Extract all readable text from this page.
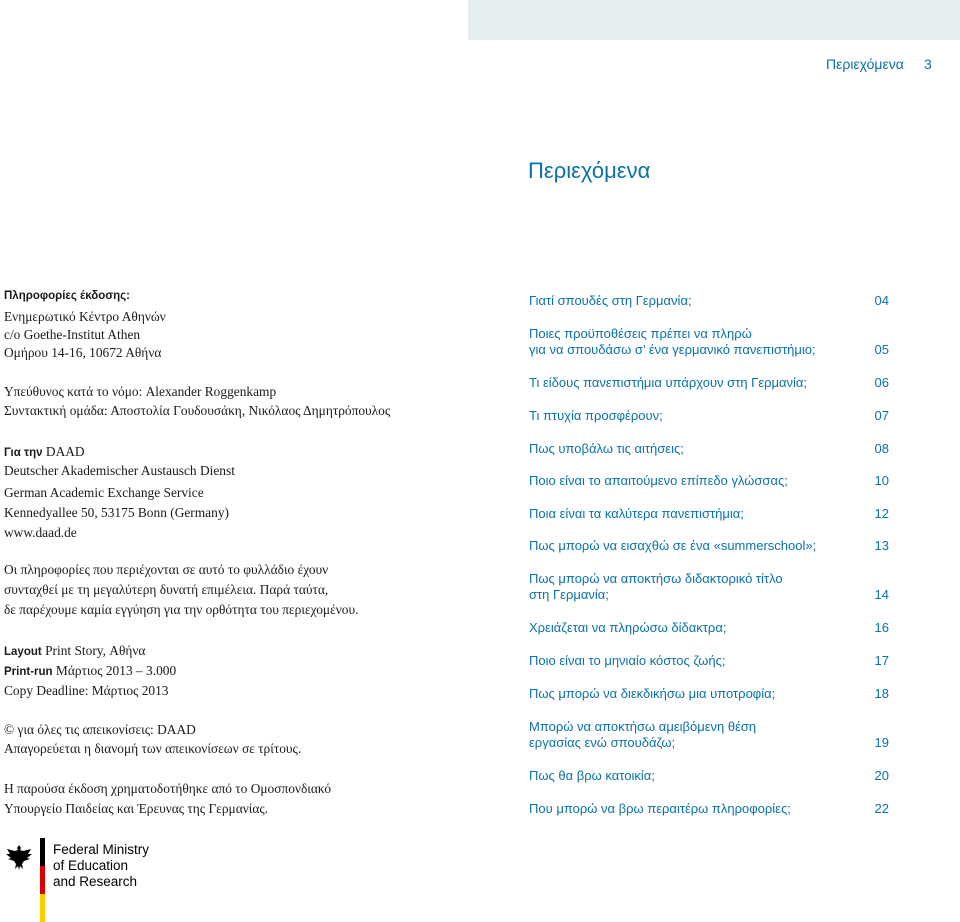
Περιεχόμενα 3
Περιεχόμενα
Πληροφορίες έκδοσης:
Ενημερωτικό Κέντρο Αθηνών
c/o Goethe-Institut Athen
Ομήρου 14-16, 10672 Αθήνα
Υπεύθυνος κατά το νόμο: Alexander Roggenkamp
Συντακτική ομάδα: Αποστολία Γουδουσάκη, Νικόλαος Δημητρόπουλος
Για την DAAD
Deutscher Akademischer Austausch Dienst
German Academic Exchange Service
Kennedyallee 50, 53175 Bonn (Germany)
www.daad.de
Οι πληροφορίες που περιέχονται σε αυτό το φυλλάδιο έχουν
συνταχθεί με τη μεγαλύτερη δυνατή επιμέλεια. Παρά ταύτα,
δε παρέχουμε καμία εγγύηση για την ορθότητα του περιεχομένου.
Layout Print Story, Αθήνα
Print-run Μάρτιος 2013 – 3.000
Copy Deadline: Μάρτιος 2013
© για όλες τις απεικονίσεις: DAAD
Απαγορεύεται η διανομή των απεικονίσεων σε τρίτους.
Η παρούσα έκδοση χρηματοδοτήθηκε από το Ομοσπονδιακό
Υπουργείο Παιδείας και Έρευνας της Γερμανίας.
Γιατί σπουδές στη Γερμανία;	04
Ποιες προϋποθέσεις πρέπει να πληρώ
για να σπουδάσω σ’ ένα γερμανικό πανεπιστήμιο;	05
Τι είδους πανεπιστήμια υπάρχουν στη Γερμανία;	06
Τι πτυχία προσφέρουν;	07
Πως υποβάλω τις αιτήσεις;	08
Ποιο είναι το απαιτούμενο επίπεδο γλώσσας;	10
Ποια είναι τα καλύτερα πανεπιστήμια;	12
Πως μπορώ να εισαχθώ σε ένα «summerschool»;	13
Πως μπορώ να αποκτήσω διδακτορικό τίτλο
στη Γερμανία;	14
Χρειάζεται να πληρώσω δίδακτρα;	16
Ποιο είναι το μηνιαίο κόστος ζωής;	17
Πως μπορώ να διεκδικήσω μια υποτροφία;	18
Μπορώ να αποκτήσω αμειβόμενη θέση
εργασίας ενώ σπουδάζω;	19
Πως θα βρω κατοικία;	20
Που μπορώ να βρω περαιτέρω πληροφορίες;	22
Federal Ministry
of Education
and Research
